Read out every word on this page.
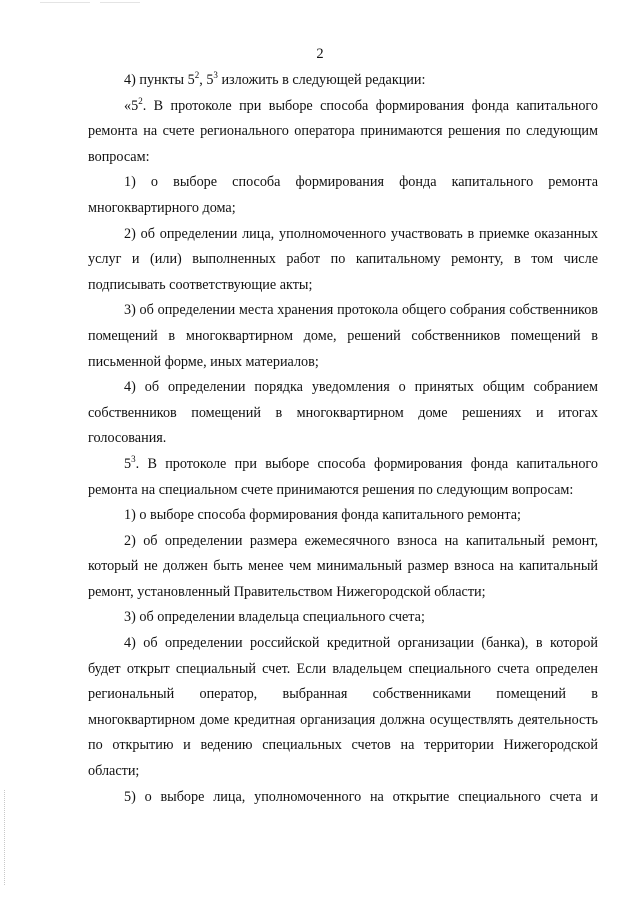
2

4) пункты $5^2$, $5^3$ изложить в следующей редакции:

«$5^2$. В протоколе при выборе способа формирования фонда капитального ремонта на счете регионального оператора принимаются решения по следующим вопросам:

1) о выборе способа формирования фонда капитального ремонта многоквартирного дома;

2) об определении лица, уполномоченного участвовать в приемке оказанных услуг и (или) выполненных работ по капитальному ремонту, в том числе подписывать соответствующие акты;

3) об определении места хранения протокола общего собрания собственников помещений в многоквартирном доме, решений собственников помещений в письменной форме, иных материалов;

4) об определении порядка уведомления о принятых общим собранием собственников помещений в многоквартирном доме решениях и итогах голосования.

$5^3$. В протоколе при выборе способа формирования фонда капитального ремонта на специальном счете принимаются решения по следующим вопросам:

1) о выборе способа формирования фонда капитального ремонта;

2) об определении размера ежемесячного взноса на капитальный ремонт, который не должен быть менее чем минимальный размер взноса на капитальный ремонт, установленный Правительством Нижегородской области;

3) об определении владельца специального счета;

4) об определении российской кредитной организации (банка), в которой будет открыт специальный счет. Если владельцем специального счета определен региональный оператор, выбранная собственниками помещений в многоквартирном доме кредитная организация должна осуществлять деятельность по открытию и ведению специальных счетов на территории Нижегородской области;

5) о выборе лица, уполномоченного на открытие специального счета и
